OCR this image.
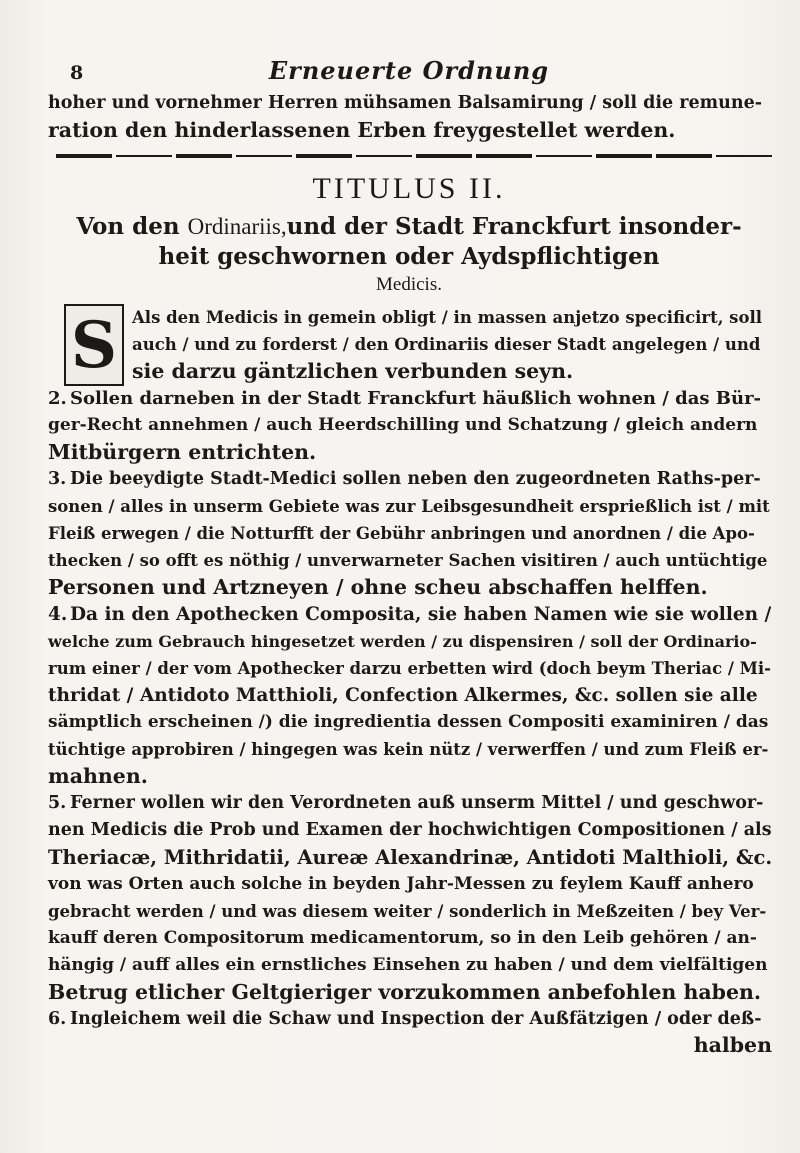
8	Erneuerte Ordnung
hoher und vornehmer Herren mühsamen Balsamirung / soll die remune-
ration den hinderlassenen Erben freygestellet werden.
TITULUS II.
Von den Ordinariis,und der Stadt Franckfurt insonder-
heit geschwornen oder Aydspflichtigen
Medicis.
S Als den Medicis in gemein obligt / in massen anjetzo specificirt, soll
auch / und zu forderst / den Ordinariis dieser Stadt angelegen / und
sie darzu gäntzlichen verbunden seyn.
2. Sollen darneben in der Stadt Franckfurt häußlich wohnen / das Bür-
ger-Recht annehmen / auch Heerdschilling und Schatzung / gleich andern
Mitbürgern entrichten.
3. Die beeydigte Stadt-Medici sollen neben den zugeordneten Raths-per-
sonen / alles in unserm Gebiete was zur Leibsgesundheit ersprießlich ist / mit
Fleiß erwegen / die Notturfft der Gebühr anbringen und anordnen / die Apo-
thecken / so offt es nöthig / unverwarneter Sachen visitiren / auch untüchtige
Personen und Artzneyen / ohne scheu abschaffen helffen.
4. Da in den Apothecken Composita, sie haben Namen wie sie wollen /
welche zum Gebrauch hingesetzet werden / zu dispensiren / soll der Ordinario-
rum einer / der vom Apothecker darzu erbetten wird (doch beym Theriac / Mi-
thridat / Antidoto Matthioli, Confection Alkermes, &c. sollen sie alle
sämptlich erscheinen /) die ingredientia dessen Compositi examiniren / das
tüchtige approbiren / hingegen was kein nütz / verwerffen / und zum Fleiß er-
mahnen.
5. Ferner wollen wir den Verordneten auß unserm Mittel / und geschwor-
nen Medicis die Prob und Examen der hochwichtigen Compositionen / als
Theriacæ, Mithridatii, Aureæ Alexandrinæ, Antidoti Malthioli, &c.
von was Orten auch solche in beyden Jahr-Messen zu feylem Kauff anhero
gebracht werden / und was diesem weiter / sonderlich in Meßzeiten / bey Ver-
kauff deren Compositorum medicamentorum, so in den Leib gehören / an-
hängig / auff alles ein ernstliches Einsehen zu haben / und dem vielfältigen
Betrug etlicher Geltgieriger vorzukommen anbefohlen haben.
6. Ingleichem weil die Schaw und Inspection der Außfätzigen / oder deß-
halben
